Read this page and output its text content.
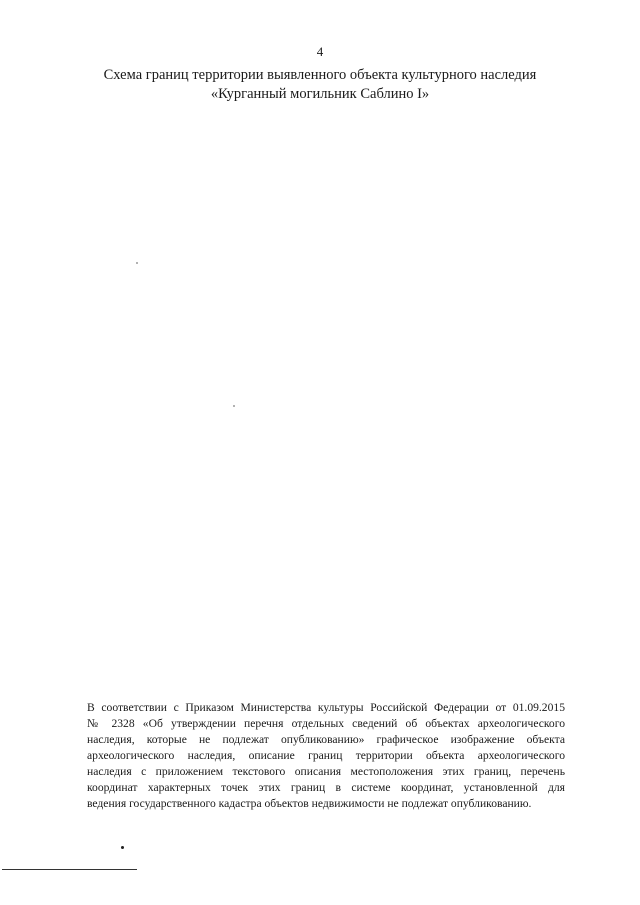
4
Схема границ территории выявленного объекта культурного наследия
«Курганный могильник Саблино I»
В соответствии с Приказом Министерства культуры Российской Федерации от 01.09.2015
№ 2328 «Об утверждении перечня отдельных сведений об объектах археологического
наследия, которые не подлежат опубликованию» графическое изображение объекта
археологического наследия, описание границ территории объекта археологического
наследия с приложением текстового описания местоположения этих границ, перечень
координат характерных точек этих границ в системе координат, установленной для
ведения государственного кадастра объектов недвижимости не подлежат опубликованию.
